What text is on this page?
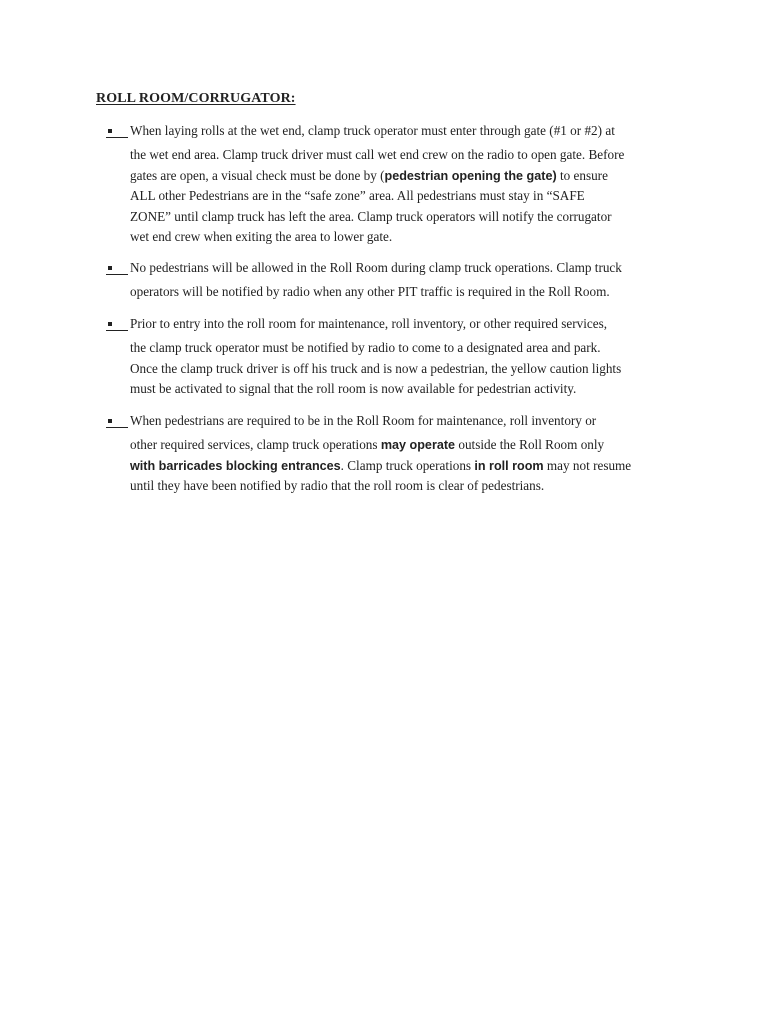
ROLL ROOM/CORRUGATOR:
When laying rolls at the wet end, clamp truck operator must enter through gate (#1 or #2) at
the wet end area. Clamp truck driver must call wet end crew on the radio to open gate. Before
gates are open, a visual check must be done by (pedestrian opening the gate) to ensure
ALL other Pedestrians are in the “safe zone” area. All pedestrians must stay in “SAFE
ZONE” until clamp truck has left the area. Clamp truck operators will notify the corrugator
wet end crew when exiting the area to lower gate.
No pedestrians will be allowed in the Roll Room during clamp truck operations. Clamp truck
operators will be notified by radio when any other PIT traffic is required in the Roll Room.
Prior to entry into the roll room for maintenance, roll inventory, or other required services,
the clamp truck operator must be notified by radio to come to a designated area and park.
Once the clamp truck driver is off his truck and is now a pedestrian, the yellow caution lights
must be activated to signal that the roll room is now available for pedestrian activity.
When pedestrians are required to be in the Roll Room for maintenance, roll inventory or
other required services, clamp truck operations may operate outside the Roll Room only
with barricades blocking entrances. Clamp truck operations in roll room may not resume
until they have been notified by radio that the roll room is clear of pedestrians.
